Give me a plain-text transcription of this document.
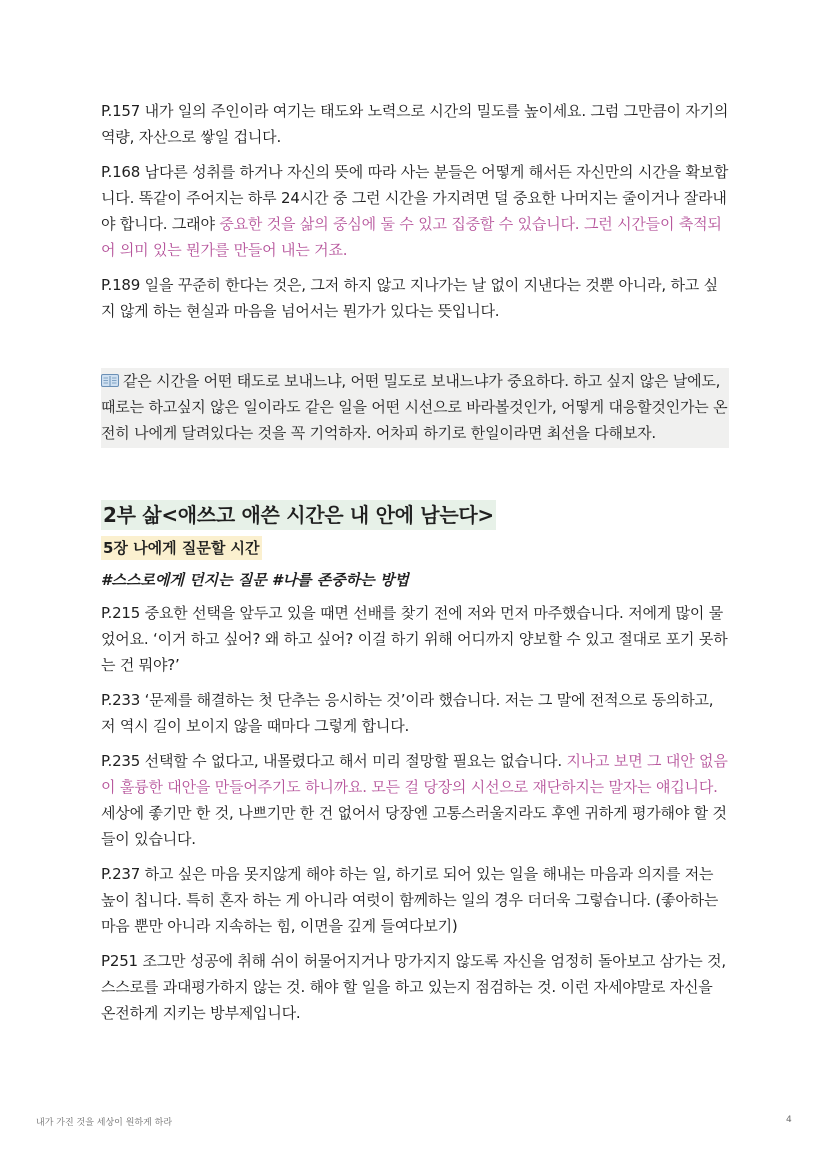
P.157 내가 일의 주인이라 여기는 태도와 노력으로 시간의 밀도를 높이세요. 그럼 그만큼이 자기의 역량, 자산으로 쌓일 겁니다.

P.168 남다른 성취를 하거나 자신의 뜻에 따라 사는 분들은 어떻게 해서든 자신만의 시간을 확보합니다. 똑같이 주어지는 하루 24시간 중 그런 시간을 가지려면 덜 중요한 나머지는 줄이거나 잘라내야 합니다. 그래야 중요한 것을 삶의 중심에 둘 수 있고 집중할 수 있습니다. 그런 시간들이 축적되어 의미 있는 뭔가를 만들어 내는 거죠.

P.189 일을 꾸준히 한다는 것은, 그저 하지 않고 지나가는 날 없이 지낸다는 것뿐 아니라, 하고 싶지 않게 하는 현실과 마음을 넘어서는 뭔가가 있다는 뜻입니다.

같은 시간을 어떤 태도로 보내느냐, 어떤 밀도로 보내느냐가 중요하다. 하고 싶지 않은 날에도, 때로는 하고싶지 않은 일이라도 같은 일을 어떤 시선으로 바라볼것인가, 어떻게 대응할것인가는 온전히 나에게 달려있다는 것을 꼭 기억하자. 어차피 하기로 한일이라면 최선을 다해보자.
2부 삶<애쓰고 애쓴 시간은 내 안에 남는다>
5장 나에게 질문할 시간
#스스로에게 던지는 질문 #나를 존중하는 방법

P.215 중요한 선택을 앞두고 있을 때면 선배를 찾기 전에 저와 먼저 마주했습니다. 저에게 많이 물었어요. ‘이거 하고 싶어? 왜 하고 싶어? 이걸 하기 위해 어디까지 양보할 수 있고 절대로 포기 못하는 건 뭐야?’

P.233 ‘문제를 해결하는 첫 단추는 응시하는 것’이라 했습니다. 저는 그 말에 전적으로 동의하고, 저 역시 길이 보이지 않을 때마다 그렇게 합니다.

P.235 선택할 수 없다고, 내몰렸다고 해서 미리 절망할 필요는 없습니다. 지나고 보면 그 대안 없음이 훌륭한 대안을 만들어주기도 하니까요. 모든 걸 당장의 시선으로 재단하지는 말자는 얘깁니다. 세상에 좋기만 한 것, 나쁘기만 한 건 없어서 당장엔 고통스러울지라도 후엔 귀하게 평가해야 할 것들이 있습니다.

P.237 하고 싶은 마음 못지않게 해야 하는 일, 하기로 되어 있는 일을 해내는 마음과 의지를 저는 높이 칩니다. 특히 혼자 하는 게 아니라 여럿이 함께하는 일의 경우 더더욱 그렇습니다. (좋아하는 마음 뿐만 아니라 지속하는 힘, 이면을 깊게 들여다보기)

P251 조그만 성공에 취해 쉬이 허물어지거나 망가지지 않도록 자신을 엄정히 돌아보고 삼가는 것, 스스로를 과대평가하지 않는 것. 해야 할 일을 하고 있는지 점검하는 것. 이런 자세야말로 자신을 온전하게 지키는 방부제입니다.

내가 가진 것을 세상이 원하게 하라	4
